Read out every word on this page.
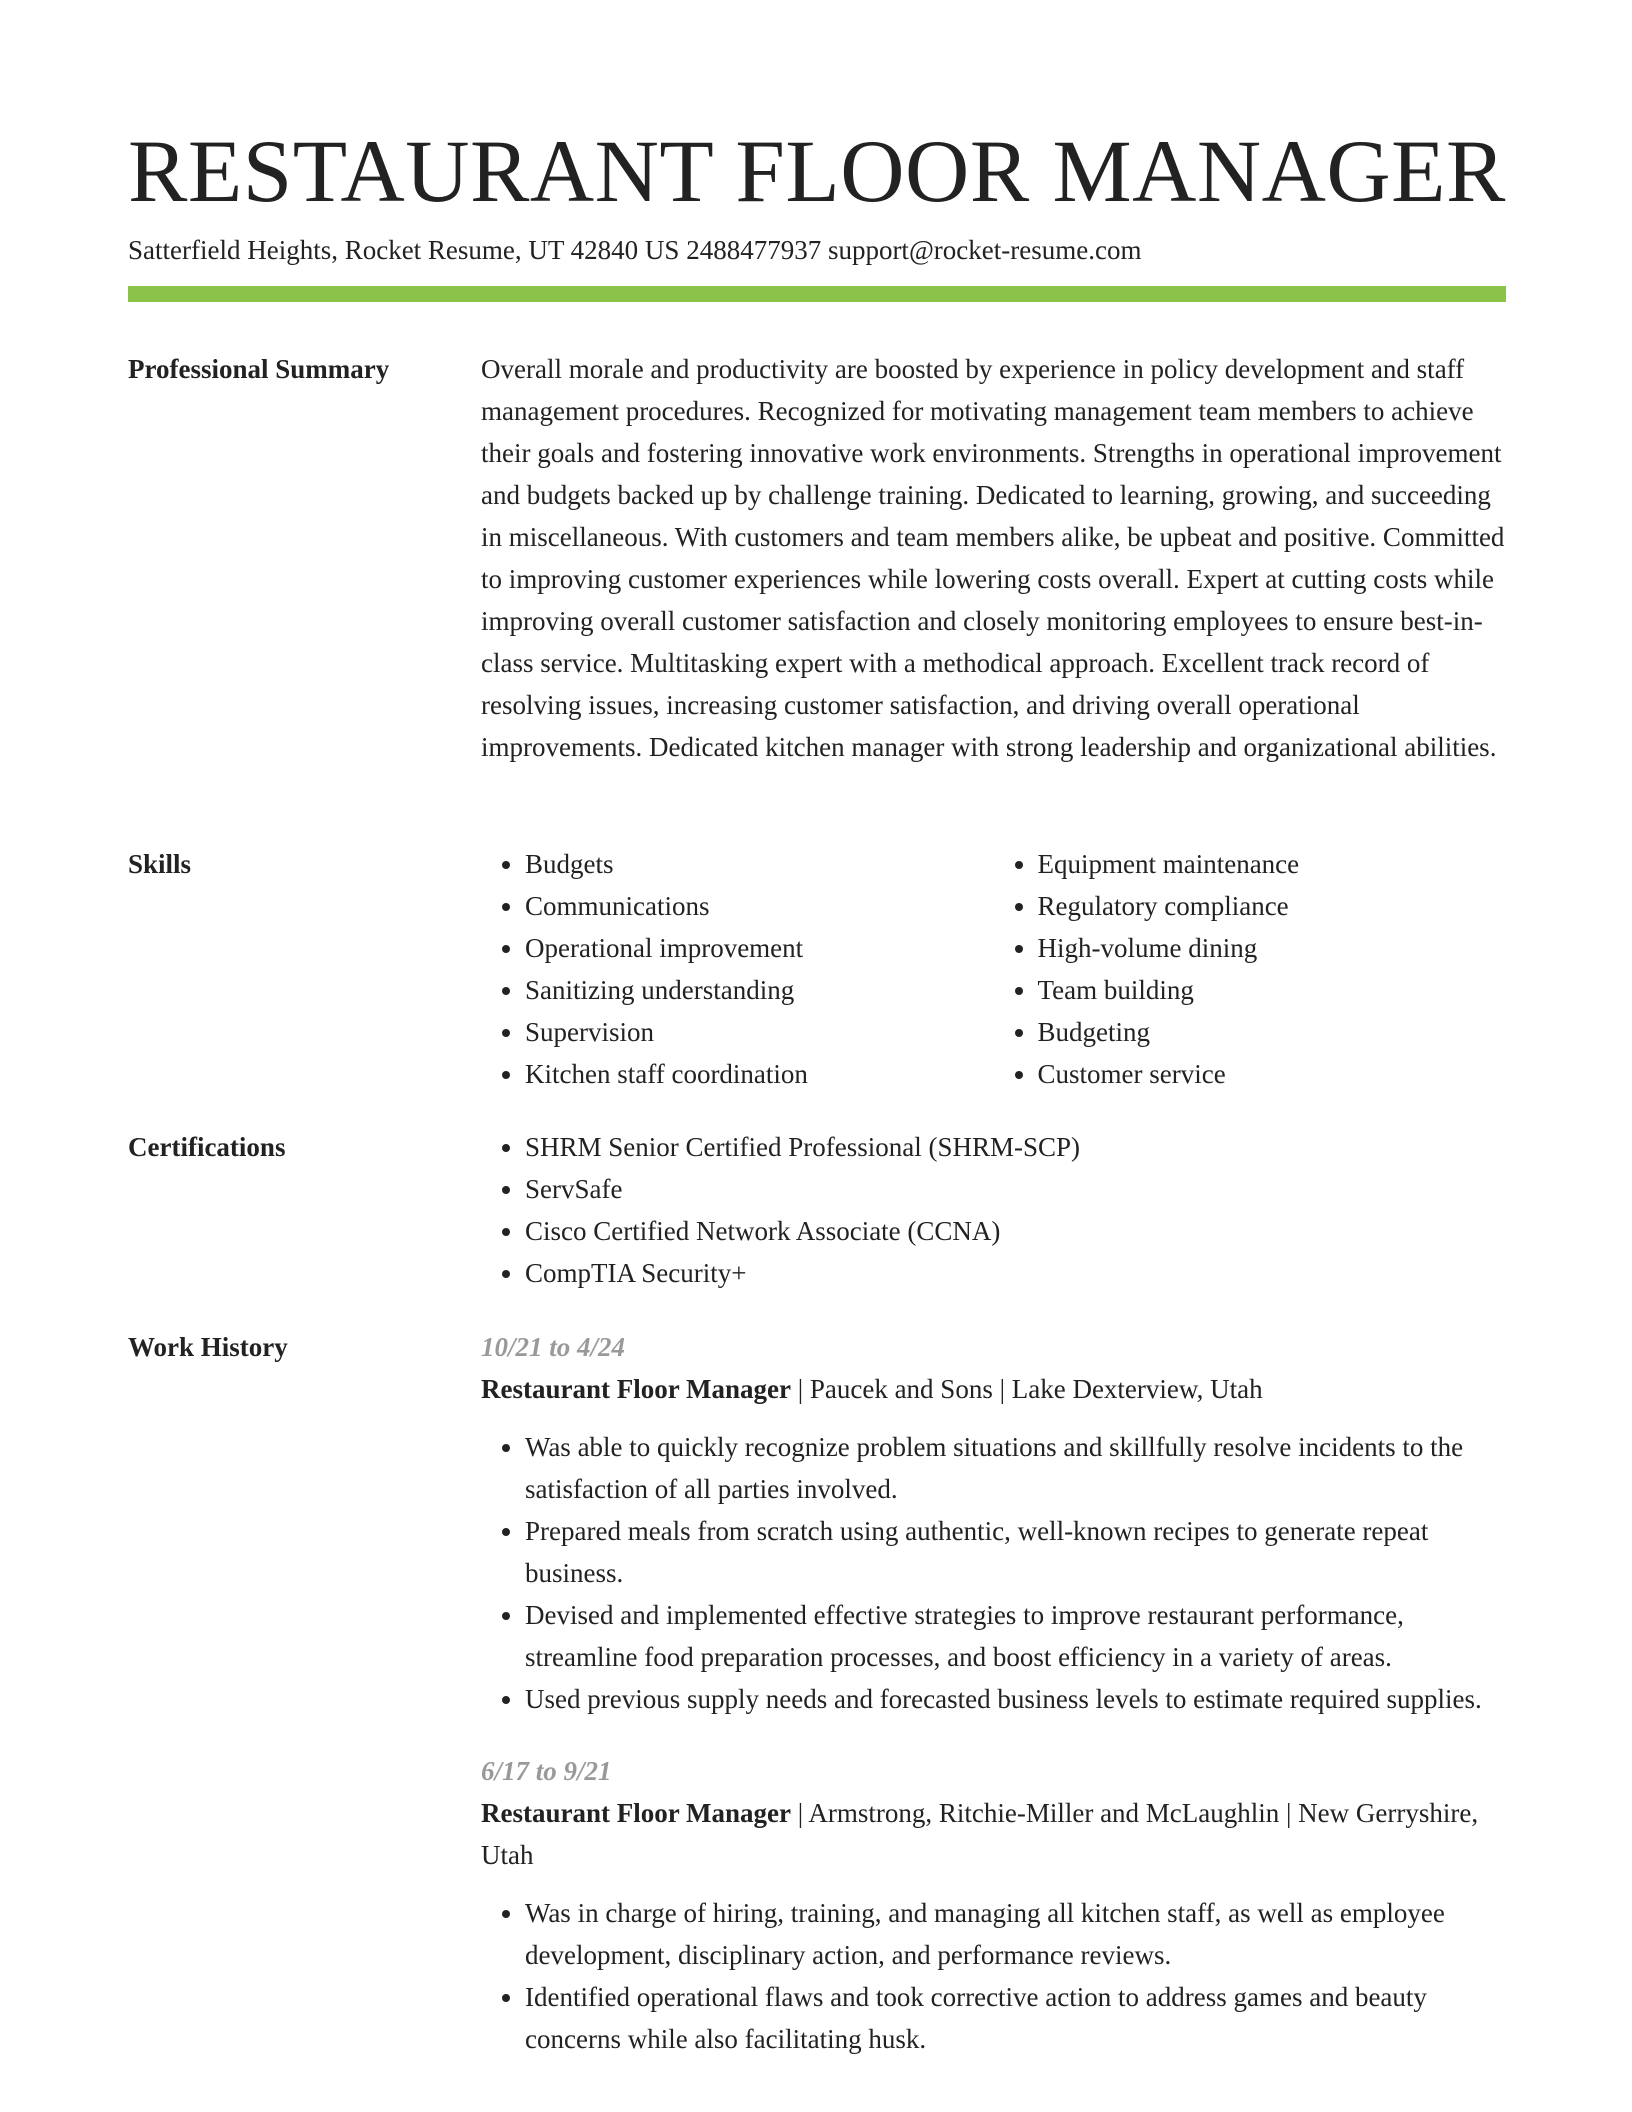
RESTAURANT FLOOR MANAGER
Satterfield Heights, Rocket Resume, UT 42840 US 2488477937 support@rocket-resume.com
Professional Summary	Overall morale and productivity are boosted by experience in policy development and staff management procedures. Recognized for motivating management team members to achieve their goals and fostering innovative work environments. Strengths in operational improvement and budgets backed up by challenge training. Dedicated to learning, growing, and succeeding in miscellaneous. With customers and team members alike, be upbeat and positive. Committed to improving customer experiences while lowering costs overall. Expert at cutting costs while improving overall customer satisfaction and closely monitoring employees to ensure best-in-class service. Multitasking expert with a methodical approach. Excellent track record of resolving issues, increasing customer satisfaction, and driving overall operational improvements. Dedicated kitchen manager with strong leadership and organizational abilities.

Skills	• Budgets
• Communications
• Operational improvement
• Sanitizing understanding
• Supervision
• Kitchen staff coordination
• Equipment maintenance
• Regulatory compliance
• High-volume dining
• Team building
• Budgeting
• Customer service
Certifications	• SHRM Senior Certified Professional (SHRM-SCP)
• ServSafe
• Cisco Certified Network Associate (CCNA)
• CompTIA Security+
Work History	10/21 to 4/24
Restaurant Floor Manager | Paucek and Sons | Lake Dexterview, Utah
• Was able to quickly recognize problem situations and skillfully resolve incidents to the satisfaction of all parties involved.
• Prepared meals from scratch using authentic, well-known recipes to generate repeat business.
• Devised and implemented effective strategies to improve restaurant performance, streamline food preparation processes, and boost efficiency in a variety of areas.
• Used previous supply needs and forecasted business levels to estimate required supplies.
6/17 to 9/21
Restaurant Floor Manager | Armstrong, Ritchie-Miller and McLaughlin | New Gerryshire, Utah
• Was in charge of hiring, training, and managing all kitchen staff, as well as employee development, disciplinary action, and performance reviews.
• Identified operational flaws and took corrective action to address games and beauty concerns while also facilitating husk.
